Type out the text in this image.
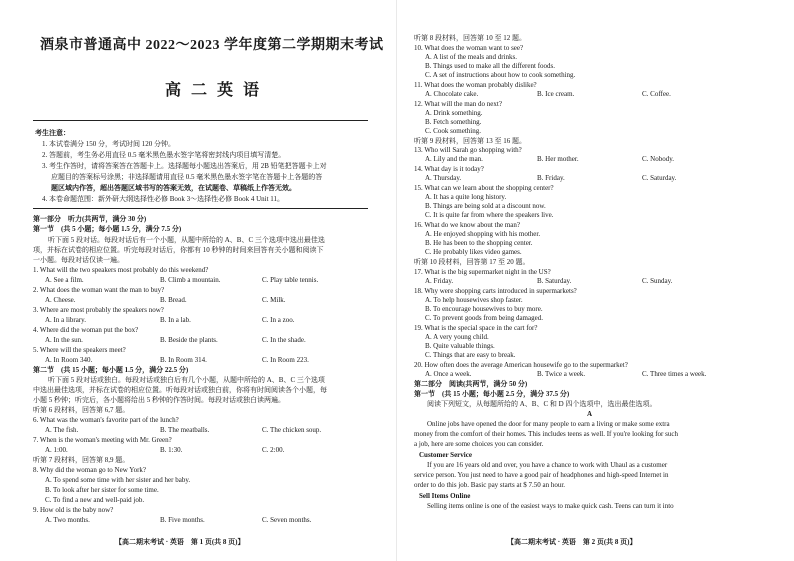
酒泉市普通高中 2022～2023 学年度第二学期期末考试
高二英语
考生注意：
1. 本试卷满分 150 分，考试时间 120 分钟。
2. 答题前，考生务必用直径 0.5 毫米黑色墨水签字笔将密封线内项目填写清楚。
3. 考生作答时，请将答案答在答题卡上。选择题每小题选出答案后，用 2B 铅笔把答题卡上对
应题目的答案标号涂黑；非选择题请用直径 0.5 毫米黑色墨水签字笔在答题卡上各题的答
题区域内作答，超出答题区域书写的答案无效，在试题卷、草稿纸上作答无效。
4. 本卷命题范围：新外研大纲选择性必修 Book 3～选择性必修 Book 4 Unit 11。
第一部分　听力(共两节，满分 30 分)
第一节　(共 5 小题；每小题 1.5 分，满分 7.5 分)
听下面 5 段对话。每段对话后有一个小题，从题中所给的 A、B、C 三个选项中选出最佳选
项，并标在试卷的相应位置。听完每段对话后，你都有 10 秒钟的时间来回答有关小题和阅读下
一小题。每段对话仅读一遍。
1. What will the two speakers most probably do this weekend?
A. See a film.	B. Climb a mountain.	C. Play table tennis.
2. What does the woman want the man to buy?
A. Cheese.	B. Bread.	C. Milk.
3. Where are most probably the speakers now?
A. In a library.	B. In a lab.	C. In a zoo.
4. Where did the woman put the box?
A. In the sun.	B. Beside the plants.	C. In the shade.
5. Where will the speakers meet?
A. In Room 340.	B. In Room 314.	C. In Room 223.
第二节　(共 15 小题；每小题 1.5 分，满分 22.5 分)
听下面 5 段对话或独白。每段对话或独白后有几个小题，从题中所给的 A、B、C 三个选项
中选出最佳选项，并标在试卷的相应位置。听每段对话或独白前，你将有时间阅读各个小题，每
小题 5 秒钟；听完后，各小题将给出 5 秒钟的作答时间。每段对话或独白读两遍。
听第 6 段材料，回答第 6,7 题。
6. What was the woman's favorite part of the lunch?
A. The fish.	B. The meatballs.	C. The chicken soup.
7. When is the woman's meeting with Mr. Green?
A. 1:00.	B. 1:30.	C. 2:00.
听第 7 段材料，回答第 8,9 题。
8. Why did the woman go to New York?
A. To spend some time with her sister and her baby.
B. To look after her sister for some time.
C. To find a new and well-paid job.
9. How old is the baby now?
A. Two months.	B. Five months.	C. Seven months.
【高二期末考试 · 英语　第 1 页(共 8 页)】
听第 8 段材料，回答第 10 至 12 题。
10. What does the woman want to see?
A. A list of the meals and drinks.
B. Things used to make all the different foods.
C. A set of instructions about how to cook something.
11. What does the woman probably dislike?
A. Chocolate cake.	B. Ice cream.	C. Coffee.
12. What will the man do next?
A. Drink something.
B. Fetch something.
C. Cook something.
听第 9 段材料，回答第 13 至 16 题。
13. Who will Sarah go shopping with?
A. Lily and the man.	B. Her mother.	C. Nobody.
14. What day is it today?
A. Thursday.	B. Friday.	C. Saturday.
15. What can we learn about the shopping center?
A. It has a quite long history.
B. Things are being sold at a discount now.
C. It is quite far from where the speakers live.
16. What do we know about the man?
A. He enjoyed shopping with his mother.
B. He has been to the shopping center.
C. He probably likes video games.
听第 10 段材料，回答第 17 至 20 题。
17. What is the big supermarket night in the US?
A. Friday.	B. Saturday.	C. Sunday.
18. Why were shopping carts introduced in supermarkets?
A. To help housewives shop faster.
B. To encourage housewives to buy more.
C. To prevent goods from being damaged.
19. What is the special space in the cart for?
A. A very young child.
B. Quite valuable things.
C. Things that are easy to break.
20. How often does the average American housewife go to the supermarket?
A. Once a week.	B. Twice a week.	C. Three times a week.
第二部分　阅读(共两节，满分 50 分)
第一节　(共 15 小题；每小题 2.5 分，满分 37.5 分)
阅读下列短文，从每题所给的 A、B、C 和 D 四个选项中，选出最佳选项。
A
Online jobs have opened the door for many people to earn a living or make some extra
money from the comfort of their homes. This includes teens as well. If you're looking for such
a job, here are some choices you can consider.
Customer Service
If you are 16 years old and over, you have a chance to work with Uhaul as a customer
service person. You just need to have a good pair of headphones and high-speed Internet in
order to do this job. Basic pay starts at $ 7.50 an hour.
Sell Items Online
Selling items online is one of the easiest ways to make quick cash. Teens can turn it into
【高二期末考试 · 英语　第 2 页(共 8 页)】
